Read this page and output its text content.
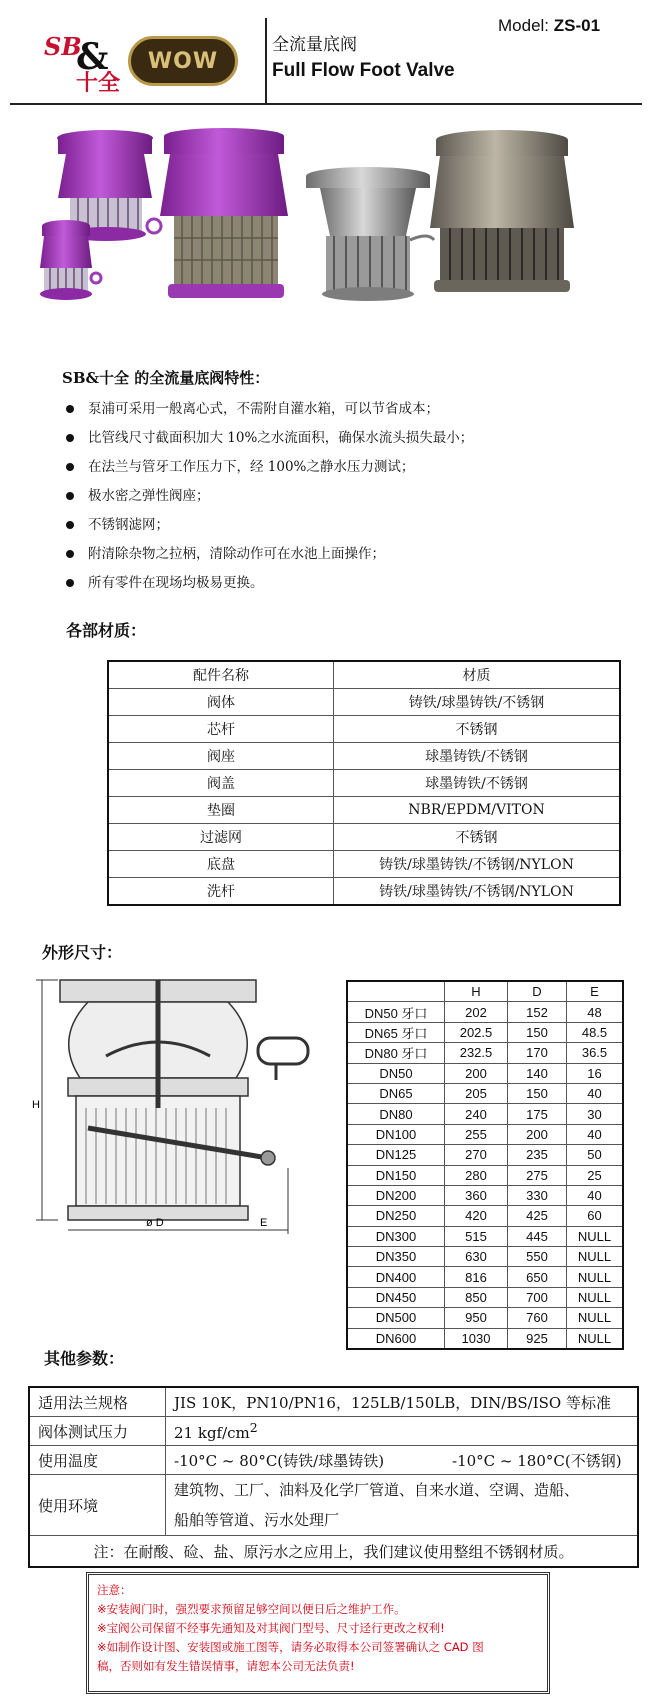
SB
&
十全
WOW
Model: ZS-01
全流量底阀
Full Flow Foot Valve
SB&十全 的全流量底阀特性：
泵浦可采用一般离心式，不需附自灌水箱，可以节省成本；
比管线尺寸截面积加大 10%之水流面积，确保水流头损失最小；
在法兰与管牙工作压力下，经 100%之静水压力测试；
极水密之弹性阀座；
不锈钢滤网；
附清除杂物之拉柄，清除动作可在水池上面操作；
所有零件在现场均极易更换。
各部材质：
配件名称	材质
阀体	铸铁/球墨铸铁/不锈钢
芯杆	不锈钢
阀座	球墨铸铁/不锈钢
阀盖	球墨铸铁/不锈钢
垫圈	NBR/EPDM/VITON
过滤网	不锈钢
底盘	铸铁/球墨铸铁/不锈钢/NYLON
洗杆	铸铁/球墨铸铁/不锈钢/NYLON
外形尺寸：
H
ø D	E
	H	D	E
DN50 牙口	202	152	48
DN65 牙口	202.5	150	48.5
DN80 牙口	232.5	170	36.5
DN50	200	140	16
DN65	205	150	40
DN80	240	175	30
DN100	255	200	40
DN125	270	235	50
DN150	280	275	25
DN200	360	330	40
DN250	420	425	60
DN300	515	445	NULL
DN350	630	550	NULL
DN400	816	650	NULL
DN450	850	700	NULL
DN500	950	760	NULL
DN600	1030	925	NULL
其他参数：
适用法兰规格	JIS 10K，PN10/PN16，125LB/150LB，DIN/BS/ISO 等标准
阀体测试压力	21 kgf/$cm^2$
使用温度	-10°C ~ 80°C(铸铁/球墨铸铁) -10°C ~ 180°C(不锈钢)
使用环境	建筑物、工厂、油料及化学厂管道、自来水道、空调、造船、
船舶等管道、污水处理厂

注：在耐酸、硷、盐、原污水之应用上，我们建议使用整组不锈钢材质。	
注意：
※安装阀门时，强烈要求预留足够空间以便日后之维护工作。
※宝阀公司保留不经事先通知及对其阀门型号、尺寸迳行更改之权利!
※如制作设计图、安装图或施工图等，请务必取得本公司签署确认之 CAD 图
稿，否则如有发生错误情事，请恕本公司无法负责!
